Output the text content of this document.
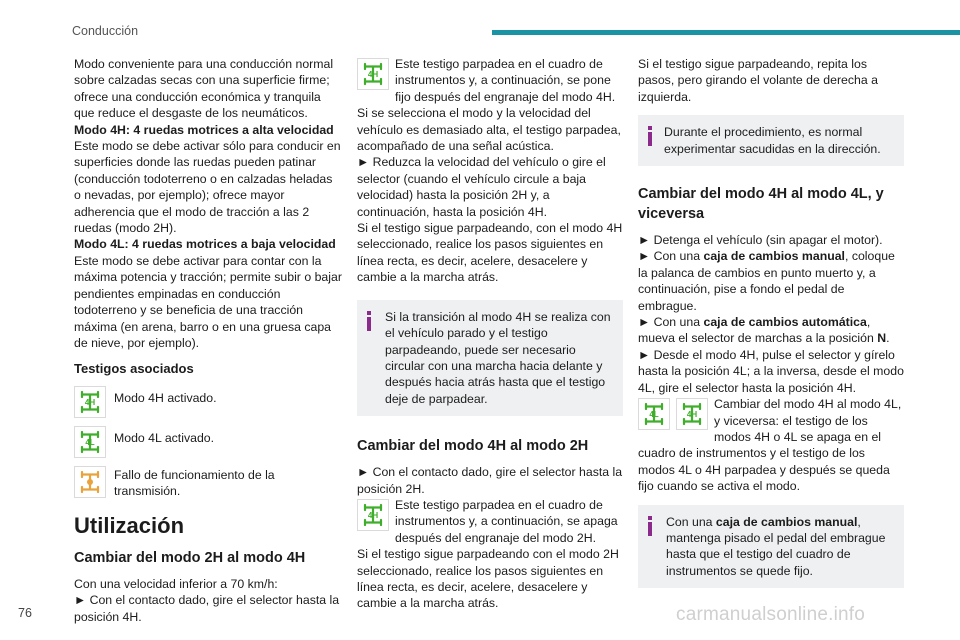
Conducción

Modo conveniente para una conducción normal sobre calzadas secas con una superficie firme; ofrece una conducción económica y tranquila que reduce el desgaste de los neumáticos.

Modo 4H: 4 ruedas motrices a alta velocidad

Este modo se debe activar sólo para conducir en superficies donde las ruedas pueden patinar (conducción todoterreno o en calzadas heladas o nevadas, por ejemplo); ofrece mayor adherencia que el modo de tracción a las 2 ruedas (modo 2H).

Modo 4L: 4 ruedas motrices a baja velocidad

Este modo se debe activar para contar con la máxima potencia y tracción; permite subir o bajar pendientes empinadas en conducción todoterreno y se beneficia de una tracción máxima (en arena, barro o en una gruesa capa de nieve, por ejemplo).

Testigos asociados
4H Modo 4H activado.
4L Modo 4L activado.
Fallo de funcionamiento de la transmisión.
Utilización
Cambiar del modo 2H al modo 4H

Con una velocidad inferior a 70 km/h:

► Con el contacto dado, gire el selector hasta la posición 4H.

4H
Este testigo parpadea en el cuadro de instrumentos y, a continuación, se pone fijo después del engranaje del modo 4H.

Si se selecciona el modo y la velocidad del vehículo es demasiado alta, el testigo parpadea, acompañado de una señal acústica.

► Reduzca la velocidad del vehículo o gire el selector (cuando el vehículo circule a baja velocidad) hasta la posición 2H y, a continuación, hasta la posición 4H.

Si el testigo sigue parpadeando, con el modo 4H seleccionado, realice los pasos siguientes en línea recta, es decir, acelere, desacelere y cambie a la marcha atrás.

Si la transición al modo 4H se realiza con el vehículo parado y el testigo parpadeando, puede ser necesario circular con una marcha hacia delante y después hacia atrás hasta que el testigo deje de parpadear.
Cambiar del modo 4H al modo 2H

► Con el contacto dado, gire el selector hasta la posición 2H.

4H
Este testigo parpadea en el cuadro de instrumentos y, a continuación, se apaga después del engranaje del modo 2H.

Si el testigo sigue parpadeando con el modo 2H seleccionado, realice los pasos siguientes en línea recta, es decir, acelere, desacelere y cambie a la marcha atrás.

Si el testigo sigue parpadeando, repita los pasos, pero girando el volante de derecha a izquierda.

Durante el procedimiento, es normal experimentar sacudidas en la dirección.
Cambiar del modo 4H al modo 4L, y viceversa

► Detenga el vehículo (sin apagar el motor).

► Con una caja de cambios manual, coloque la palanca de cambios en punto muerto y, a continuación, pise a fondo el pedal de embrague.

► Con una caja de cambios automática, mueva el selector de marchas a la posición N.

► Desde el modo 4H, pulse el selector y gírelo hasta la posición 4L; a la inversa, desde el modo 4L, gire el selector hasta la posición 4H.

4L	4H
Cambiar del modo 4H al modo 4L, y viceversa: el testigo de los modos 4H o 4L se apaga en el cuadro de instrumentos y el testigo de los modos 4L o 4H parpadea y después se queda fijo cuando se activa el modo.

Con una caja de cambios manual, mantenga pisado el pedal del embrague hasta que el testigo del cuadro de instrumentos se quede fijo.
76	carmanualsonline.info
